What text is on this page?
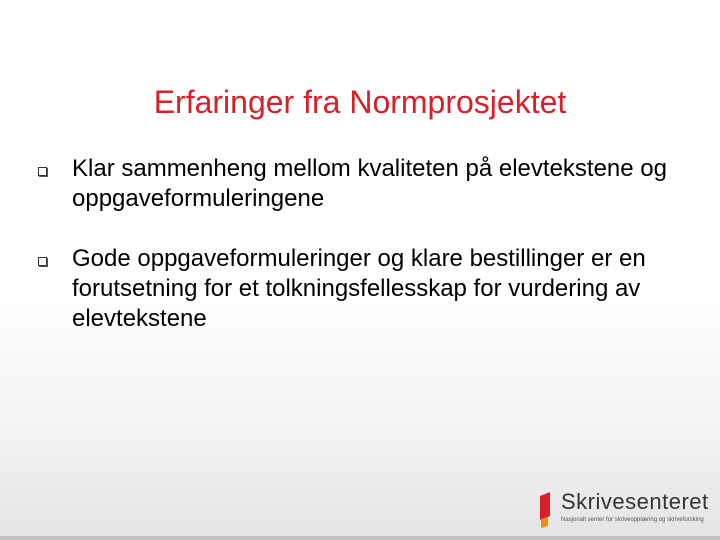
Erfaringer fra Normprosjektet
Klar sammenheng mellom kvaliteten på elevtekstene og oppgaveformuleringene
Gode oppgaveformuleringer og klare bestillinger er en forutsetning for et tolkningsfellesskap for vurdering av elevtekstene
Skrivesenteret
Nasjonalt senter for skriveopplæring og skriveforsking
